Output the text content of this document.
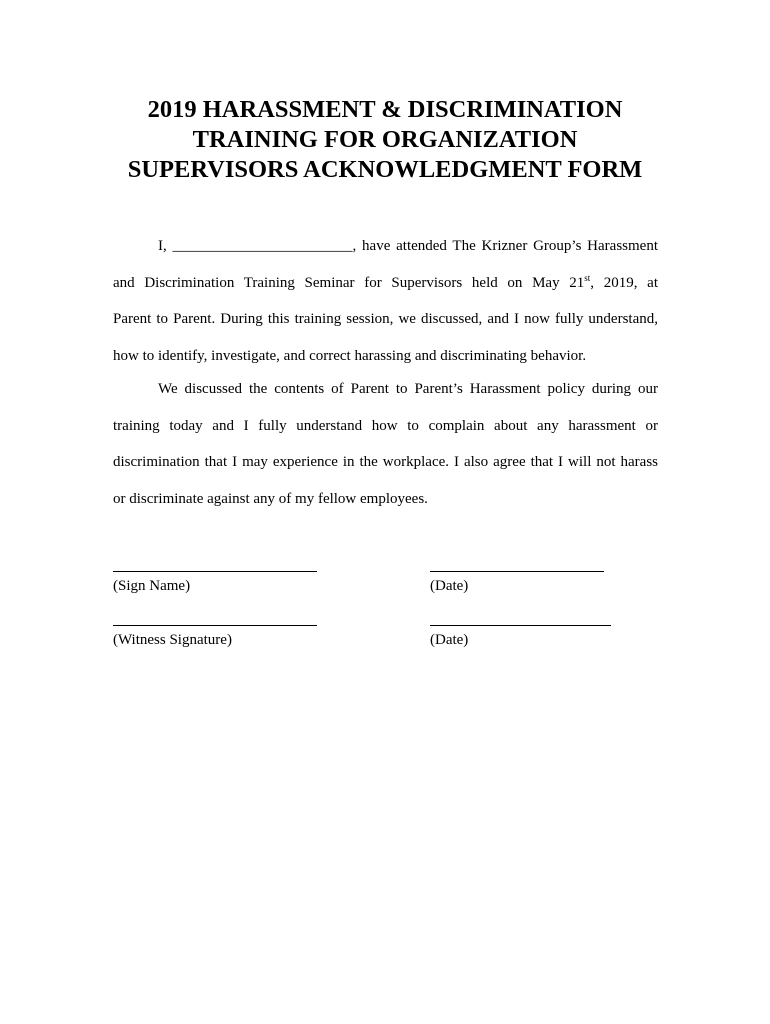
2019 HARASSMENT & DISCRIMINATION
TRAINING FOR ORGANIZATION
SUPERVISORS ACKNOWLEDGMENT FORM
I, ________________________, have attended The Krizner Group’s Harassment
and Discrimination Training Seminar for Supervisors held on May 21st, 2019, at
Parent to Parent. During this training session, we discussed, and I now fully understand,
how to identify, investigate, and correct harassing and discriminating behavior.
We discussed the contents of Parent to Parent’s Harassment policy during our
training today and I fully understand how to complain about any harassment or
discrimination that I may experience in the workplace. I also agree that I will not harass
or discriminate against any of my fellow employees.

(Sign Name)	(Date)

(Witness Signature)	(Date)
